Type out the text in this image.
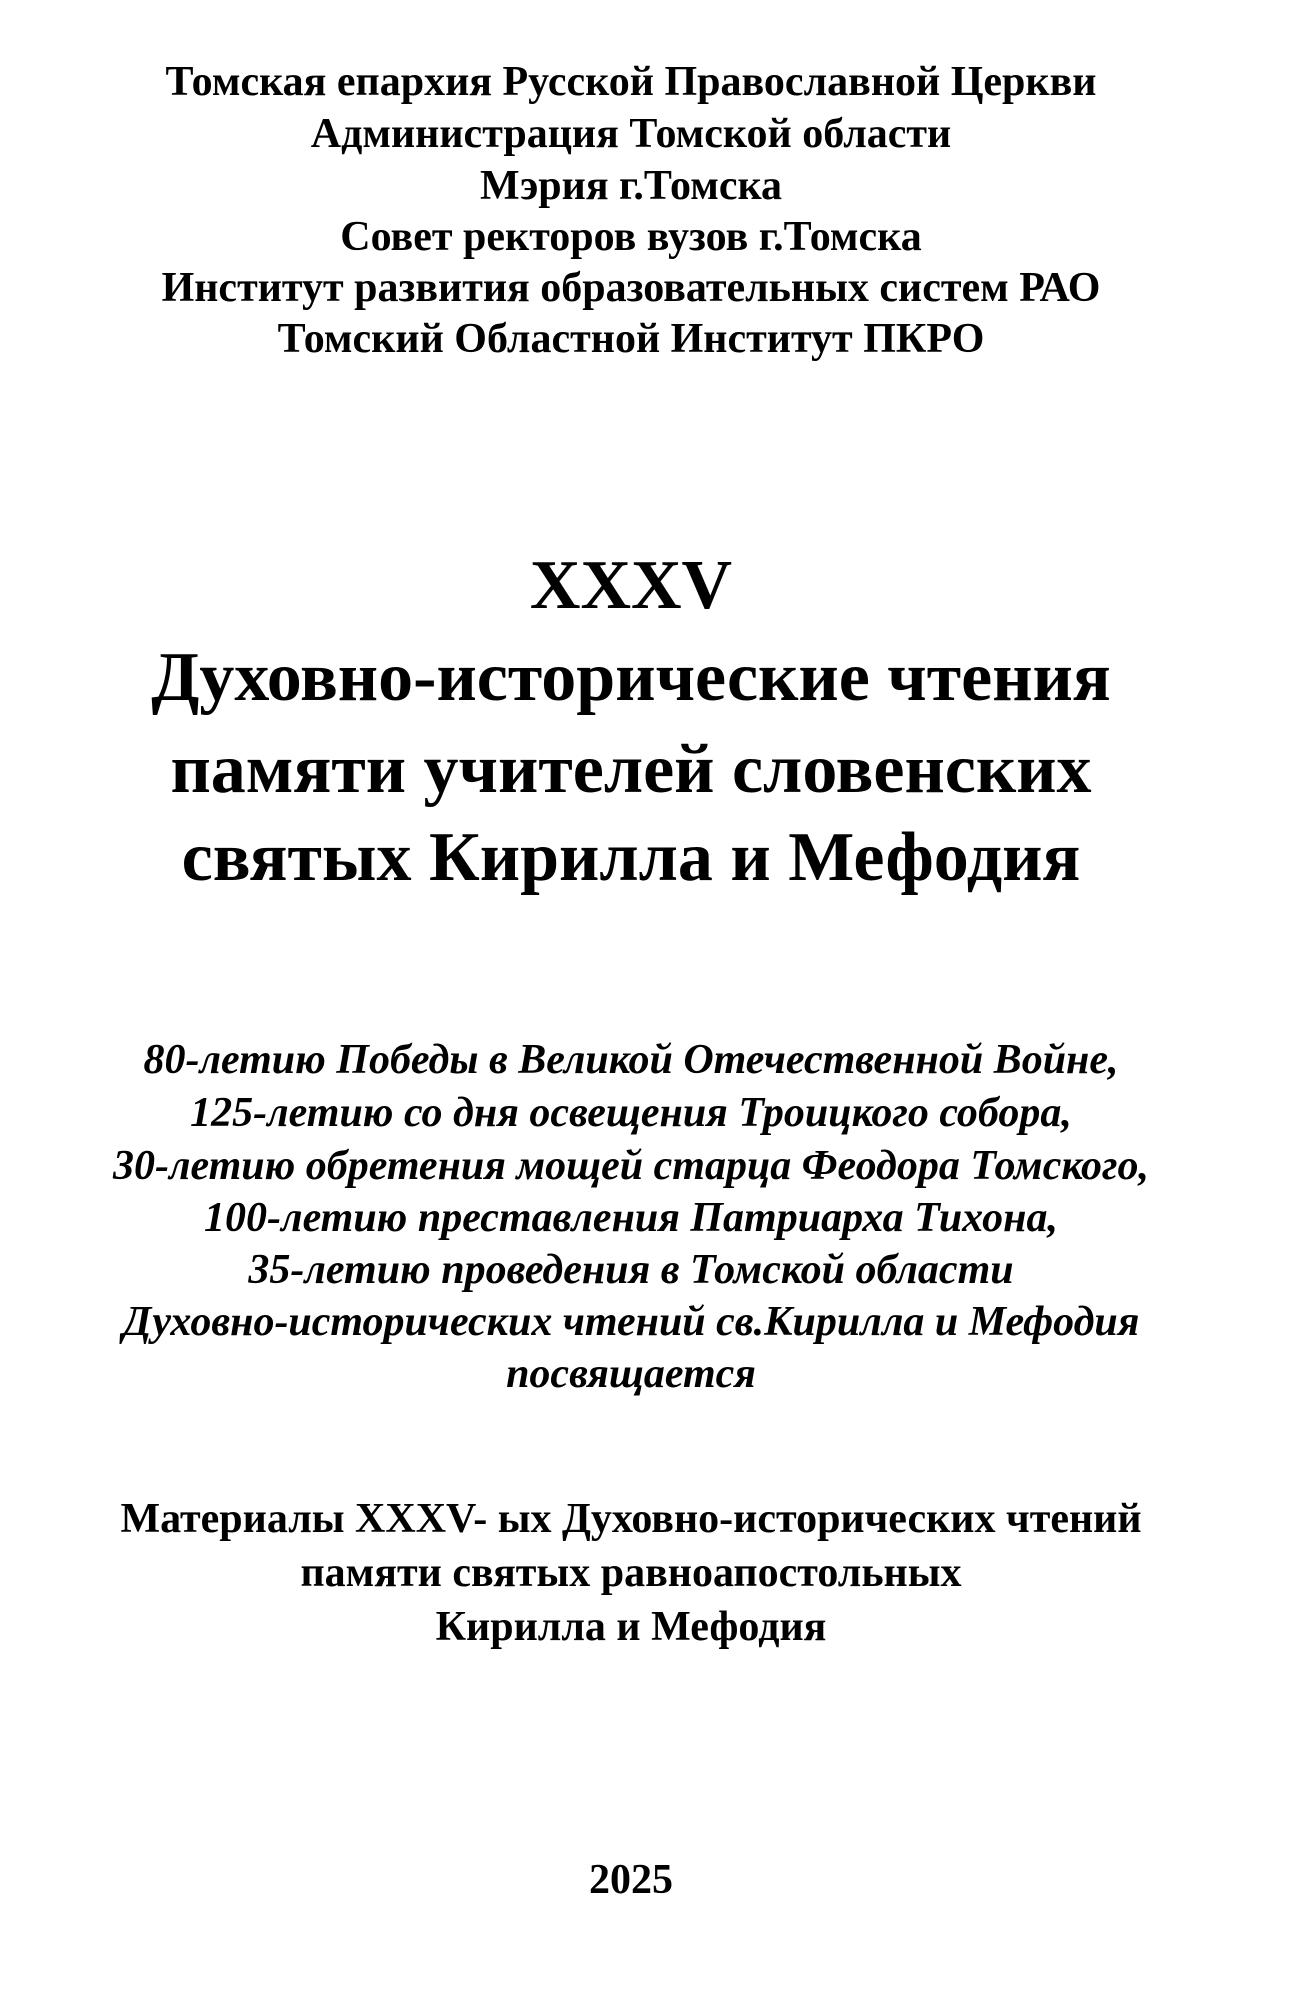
Томская епархия Русской Православной Церкви
Администрация Томской области
Мэрия г.Томска
Совет ректоров вузов г.Томска
Институт развития образовательных систем РАО
Томский Областной Институт ПКРО
XXXV
Духовно-исторические чтения
памяти учителей словенских
святых Кирилла и Мефодия
80-летию Победы в Великой Отечественной Войне,
125-летию со дня освещения Троицкого собора,
30-летию обретения мощей старца Феодора Томского,
100-летию преставления Патриарха Тихона,
35-летию проведения в Томской области
Духовно-исторических чтений св.Кирилла и Мефодия
посвящается
Материалы XXXV- ых Духовно-исторических чтений
памяти святых равноапостольных
Кирилла и Мефодия
2025
